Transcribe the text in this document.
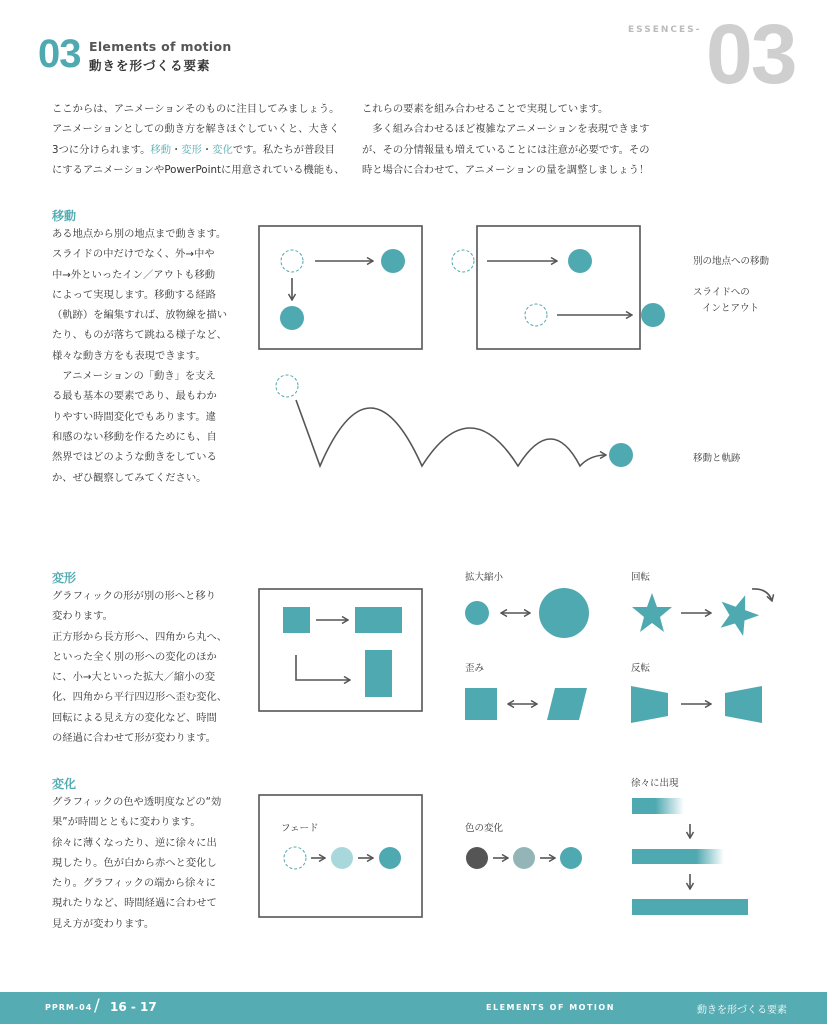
03 Elements of motion
動きを形づくる要素
ESSENCES- 03
ここからは、アニメーションそのものに注目してみましょう。
アニメーションとしての動き方を解きほぐしていくと、大きく
3つに分けられます。移動・変形・変化です。私たちが普段目
にするアニメーションやPowerPointに用意されている機能も、
これらの要素を組み合わせることで実現しています。
　多く組み合わせるほど複雑なアニメーションを表現できます
が、その分情報量も増えていることには注意が必要です。その
時と場合に合わせて、アニメーションの量を調整しましょう！
移動
ある地点から別の地点まで動きます。
スライドの中だけでなく、外→中や
中→外といったイン／アウトも移動
によって実現します。移動する経路
（軌跡）を編集すれば、放物線を描い
たり、ものが落ちて跳ねる様子など、
様々な動き方をも表現できます。
　アニメーションの「動き」を支え
る最も基本の要素であり、最もわか
りやすい時間変化でもあります。違
和感のない移動を作るためにも、自
然界ではどのような動きをしている
か、ぜひ観察してみてください。
変形
グラフィックの形が別の形へと移り
変わります。
正方形から長方形へ、四角から丸へ、
といった全く別の形への変化のほか
に、小→大といった拡大／縮小の変
化、四角から平行四辺形へ歪む変化、
回転による見え方の変化など、時間
の経過に合わせて形が変わります。
変化
グラフィックの色や透明度などの“効
果”が時間とともに変わります。
徐々に薄くなったり、逆に徐々に出
現したり。色が白から赤へと変化し
たり。グラフィックの端から徐々に
現れたりなど、時間経過に合わせて
見え方が変わります。
別の地点への移動
スライドへの
インとアウト
移動と軌跡
拡大縮小	回転
歪み	反転
フェード	色の変化
徐々に出現
PPRM-04 / 16 - 17	ELEMENTS OF MOTION	動きを形づくる要素
